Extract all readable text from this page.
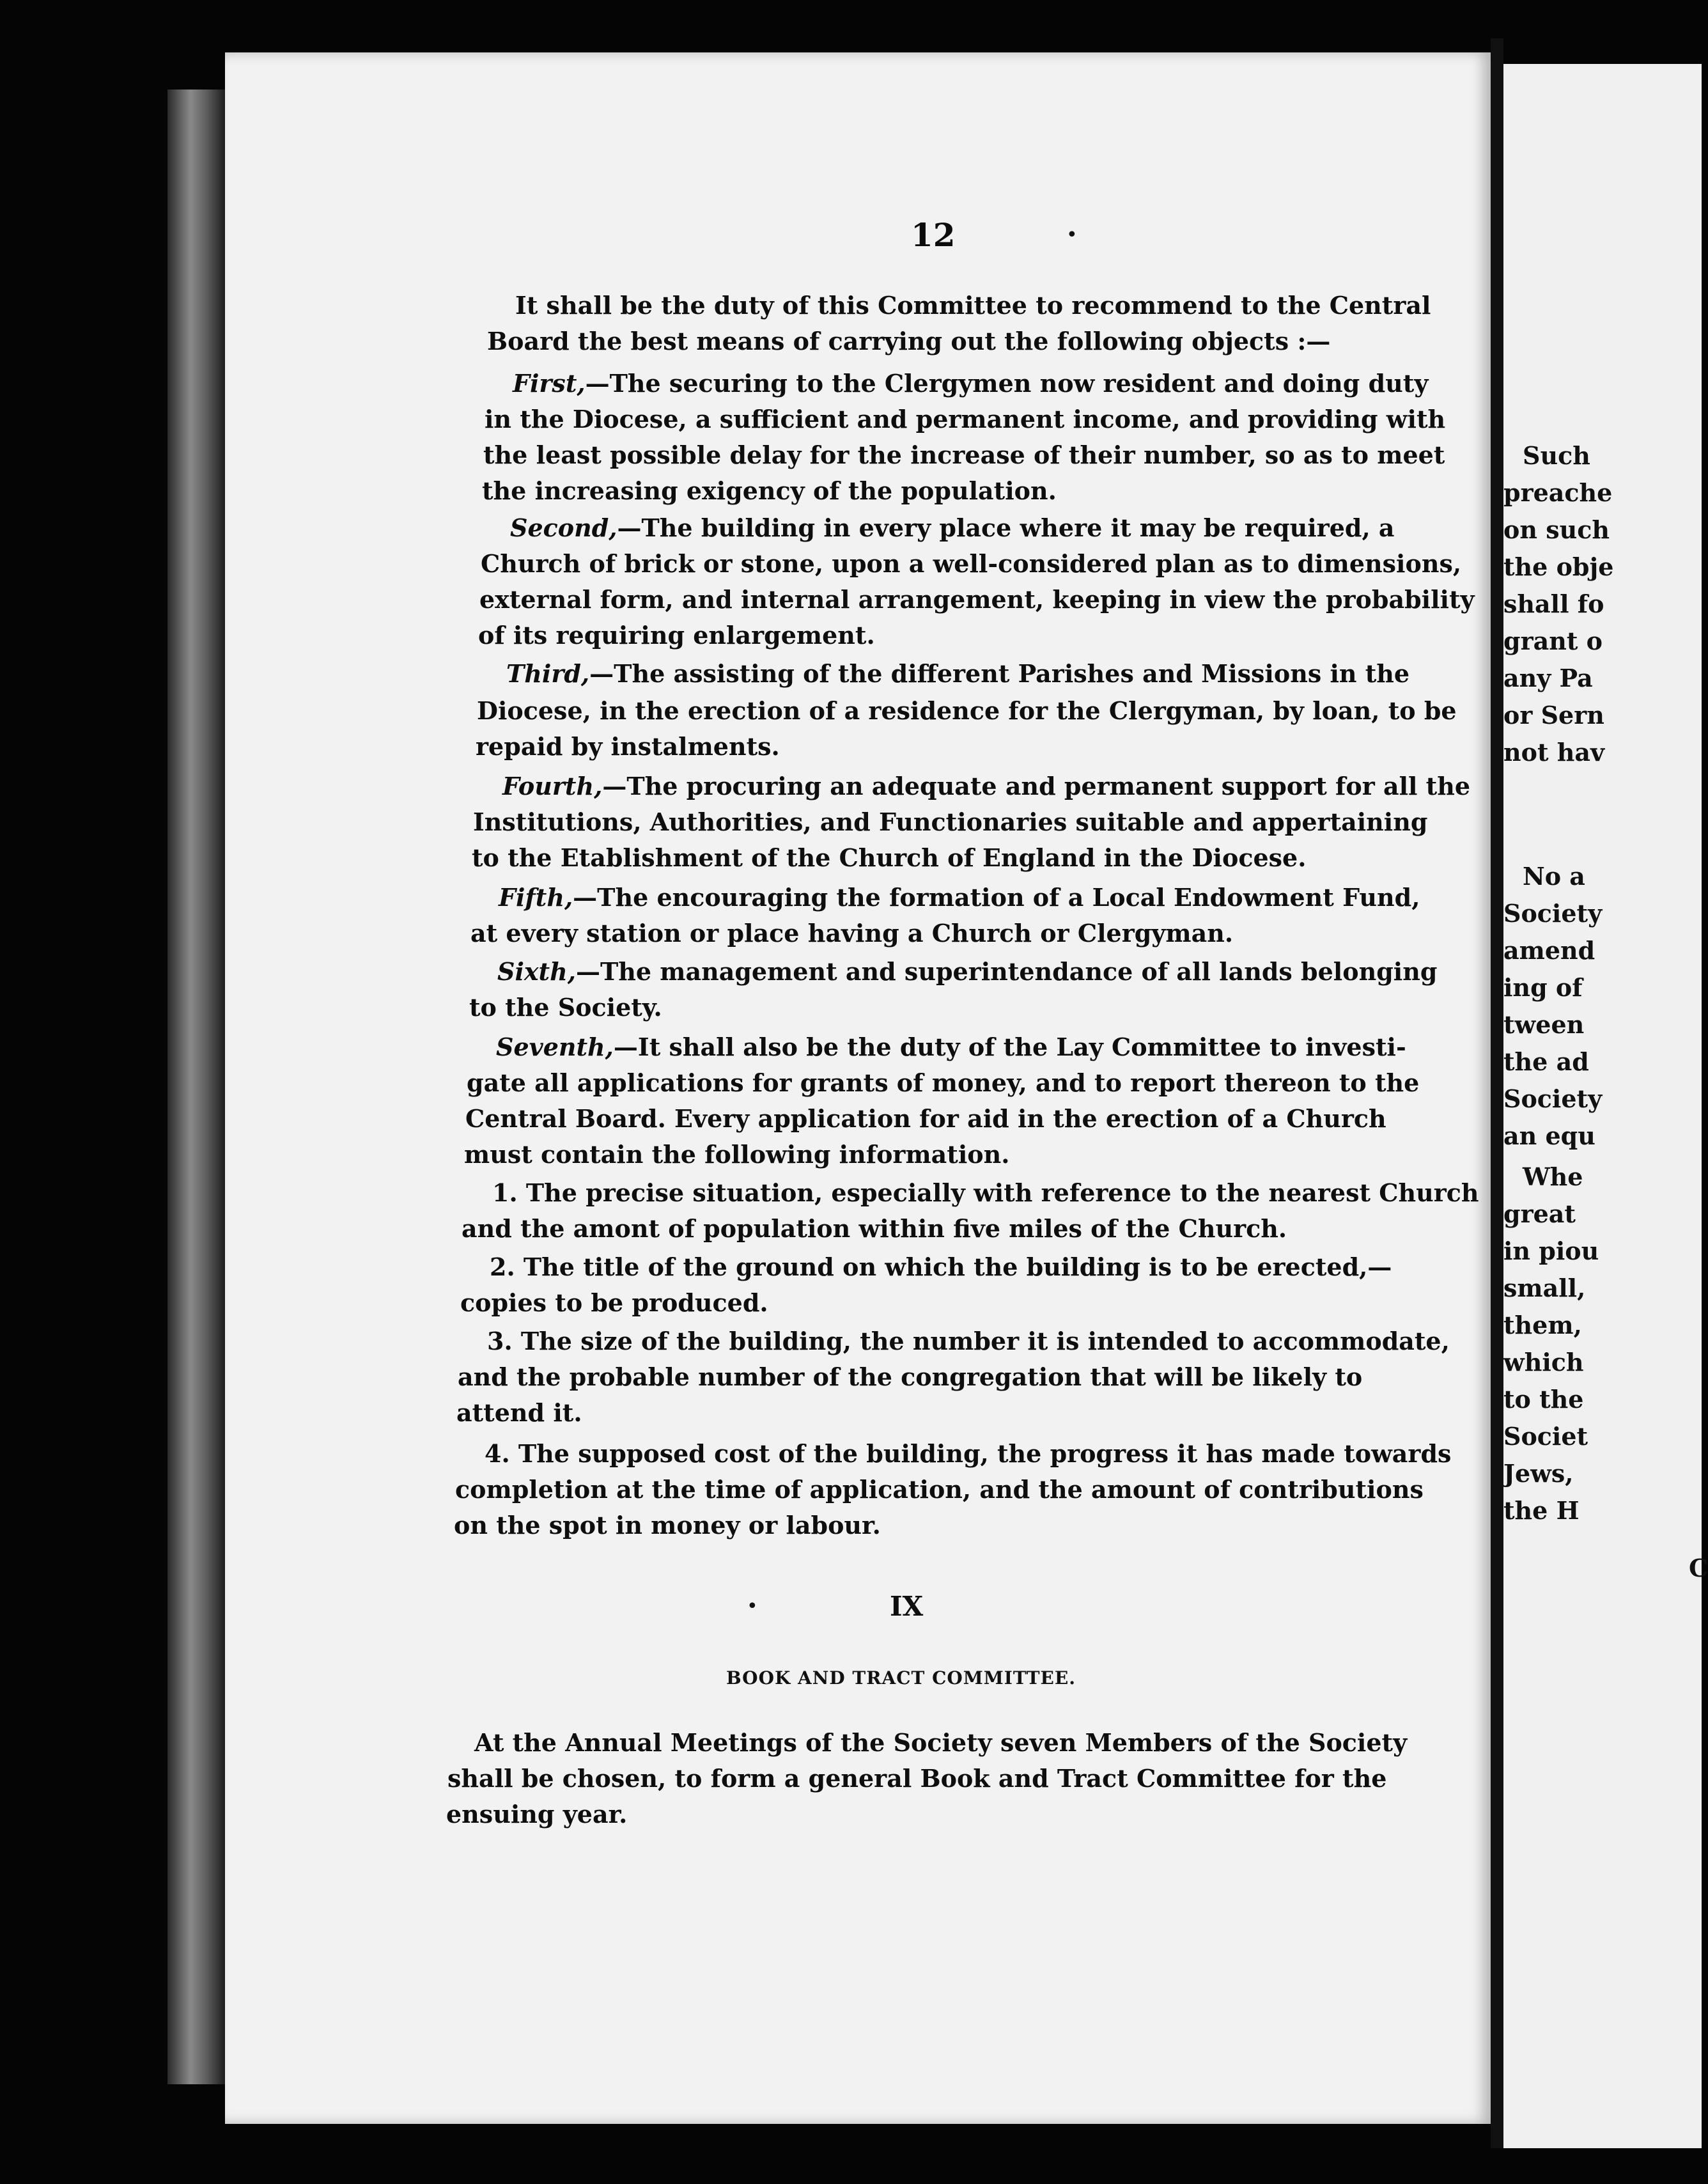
12	•
It shall be the duty of this Committee to recommend to the Central
Board the best means of carrying out the following objects :—
First,—The securing to the Clergymen now resident and doing duty
in the Diocese, a sufficient and permanent income, and providing with
the least possible delay for the increase of their number, so as to meet
the increasing exigency of the population.
Second,—The building in every place where it may be required, a
Church of brick or stone, upon a well-considered plan as to dimensions,
external form, and internal arrangement, keeping in view the probability
of its requiring enlargement.
Third,—The assisting of the different Parishes and Missions in the
Diocese, in the erection of a residence for the Clergyman, by loan, to be
repaid by instalments.
Fourth,—The procuring an adequate and permanent support for all the
Institutions, Authorities, and Functionaries suitable and appertaining
to the Etablishment of the Church of England in the Diocese.
Fifth,—The encouraging the formation of a Local Endowment Fund,
at every station or place having a Church or Clergyman.
Sixth,—The management and superintendance of all lands belonging
to the Society.
Seventh,—It shall also be the duty of the Lay Committee to investi-
gate all applications for grants of money, and to report thereon to the
Central Board. Every application for aid in the erection of a Church
must contain the following information.
1. The precise situation, especially with reference to the nearest Church
and the amont of population within five miles of the Church.
2. The title of the ground on which the building is to be erected,—
copies to be produced.
3. The size of the building, the number it is intended to accommodate,
and the probable number of the congregation that will be likely to
attend it.
4. The supposed cost of the building, the progress it has made towards
completion at the time of application, and the amount of contributions
on the spot in money or labour.
•	IX
BOOK AND TRACT COMMITTEE.
At the Annual Meetings of the Society seven Members of the Society
shall be chosen, to form a general Book and Tract Committee for the
ensuing year.
Such
preache
on such
the obje
shall fo
grant o
any Pa
or Sern
not hav
No a
Society
amend
ing of
tween
the ad
Society
an equ
Whe
great
in piou
small,
them,
which
to the
Societ
Jews,
the H
C
